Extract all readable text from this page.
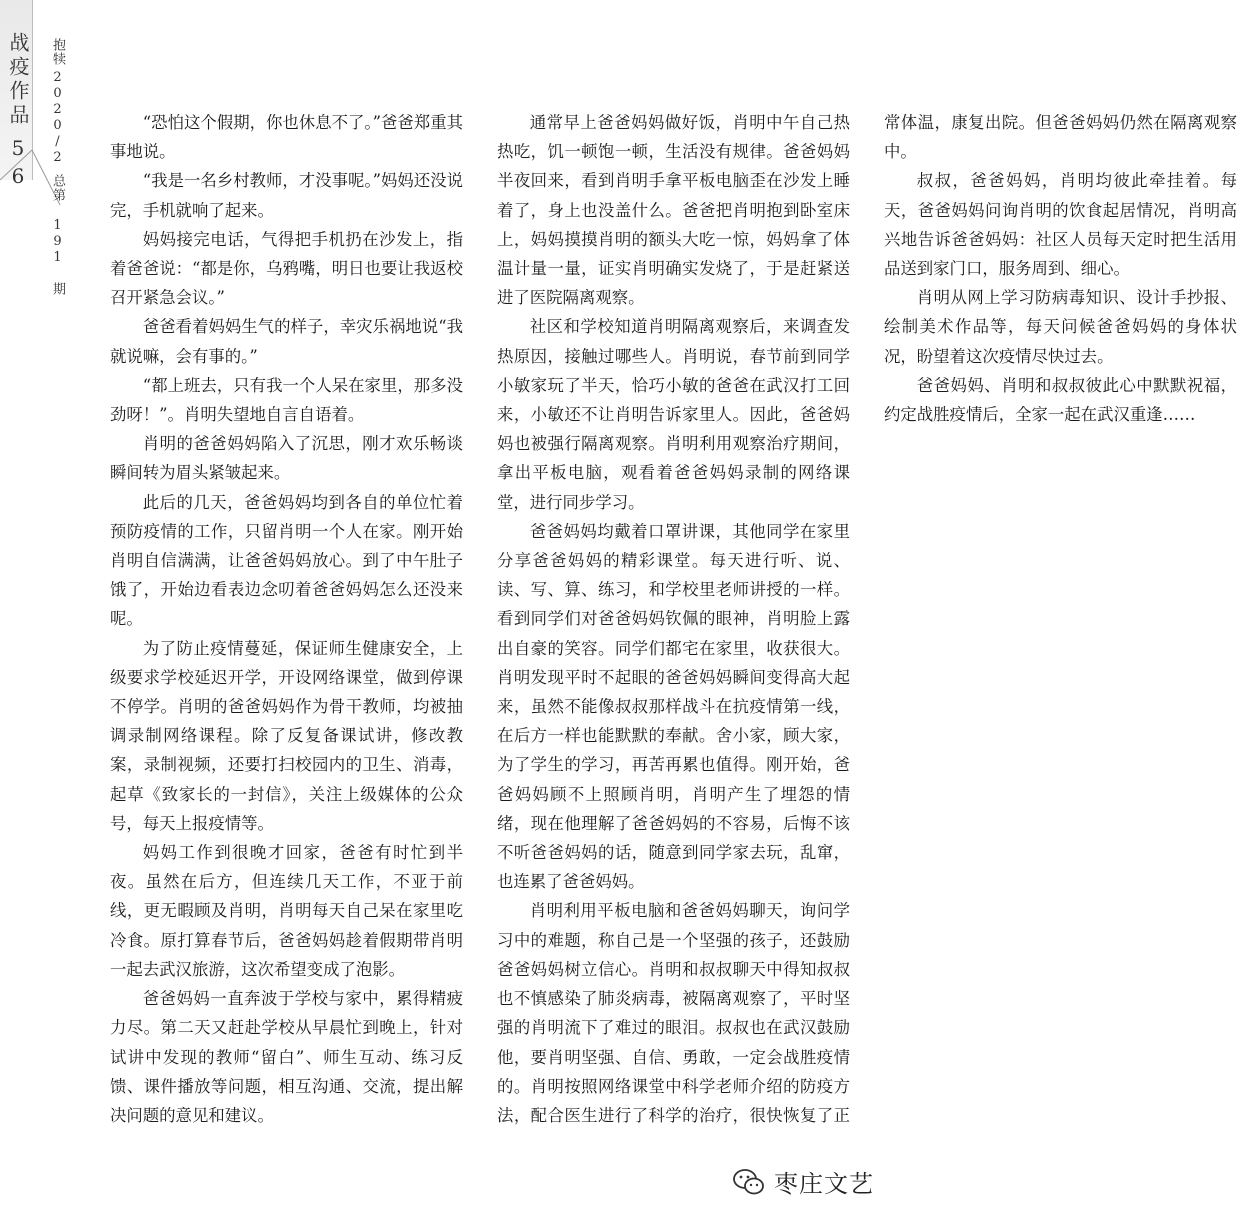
战疫作品56
抱犊2020/2总第 191 期

“恐怕这个假期，你也休息不了。”爸爸郑重其事地说。

“我是一名乡村教师，才没事呢。”妈妈还没说完，手机就响了起来。

妈妈接完电话，气得把手机扔在沙发上，指着爸爸说：“都是你，乌鸦嘴，明日也要让我返校召开紧急会议。”

爸爸看着妈妈生气的样子，幸灾乐祸地说“我就说嘛，会有事的。”

“都上班去，只有我一个人呆在家里，那多没劲呀！”。肖明失望地自言自语着。

肖明的爸爸妈妈陷入了沉思，刚才欢乐畅谈瞬间转为眉头紧皱起来。

此后的几天，爸爸妈妈均到各自的单位忙着预防疫情的工作，只留肖明一个人在家。刚开始肖明自信满满，让爸爸妈妈放心。到了中午肚子饿了，开始边看表边念叨着爸爸妈妈怎么还没来呢。

为了防止疫情蔓延，保证师生健康安全，上级要求学校延迟开学，开设网络课堂，做到停课不停学。肖明的爸爸妈妈作为骨干教师，均被抽调录制网络课程。除了反复备课试讲，修改教案，录制视频，还要打扫校园内的卫生、消毒，起草《致家长的一封信》，关注上级媒体的公众号，每天上报疫情等。

妈妈工作到很晚才回家，爸爸有时忙到半夜。虽然在后方，但连续几天工作，不亚于前线，更无暇顾及肖明，肖明每天自己呆在家里吃冷食。原打算春节后，爸爸妈妈趁着假期带肖明一起去武汉旅游，这次希望变成了泡影。

爸爸妈妈一直奔波于学校与家中，累得精疲力尽。第二天又赶赴学校从早晨忙到晚上，针对试讲中发现的教师“留白”、师生互动、练习反馈、课件播放等问题，相互沟通、交流，提出解决问题的意见和建议。

通常早上爸爸妈妈做好饭，肖明中午自己热热吃，饥一顿饱一顿，生活没有规律。爸爸妈妈半夜回来，看到肖明手拿平板电脑歪在沙发上睡着了，身上也没盖什么。爸爸把肖明抱到卧室床上，妈妈摸摸肖明的额头大吃一惊，妈妈拿了体温计量一量，证实肖明确实发烧了，于是赶紧送进了医院隔离观察。

社区和学校知道肖明隔离观察后，来调查发热原因，接触过哪些人。肖明说，春节前到同学小敏家玩了半天，恰巧小敏的爸爸在武汉打工回来，小敏还不让肖明告诉家里人。因此，爸爸妈妈也被强行隔离观察。肖明利用观察治疗期间，拿出平板电脑，观看着爸爸妈妈录制的网络课堂，进行同步学习。

爸爸妈妈均戴着口罩讲课，其他同学在家里分享爸爸妈妈的精彩课堂。每天进行听、说、读、写、算、练习，和学校里老师讲授的一样。看到同学们对爸爸妈妈钦佩的眼神，肖明脸上露出自豪的笑容。同学们都宅在家里，收获很大。肖明发现平时不起眼的爸爸妈妈瞬间变得高大起来，虽然不能像叔叔那样战斗在抗疫情第一线，在后方一样也能默默的奉献。舍小家，顾大家，为了学生的学习，再苦再累也值得。刚开始，爸爸妈妈顾不上照顾肖明，肖明产生了埋怨的情绪，现在他理解了爸爸妈妈的不容易，后悔不该不听爸爸妈妈的话，随意到同学家去玩，乱窜，也连累了爸爸妈妈。

肖明利用平板电脑和爸爸妈妈聊天，询问学习中的难题，称自己是一个坚强的孩子，还鼓励爸爸妈妈树立信心。肖明和叔叔聊天中得知叔叔也不慎感染了肺炎病毒，被隔离观察了，平时坚强的肖明流下了难过的眼泪。叔叔也在武汉鼓励他，要肖明坚强、自信、勇敢，一定会战胜疫情的。肖明按照网络课堂中科学老师介绍的防疫方法，配合医生进行了科学的治疗，很快恢复了正常体温，康复出院。但爸爸妈妈仍然在隔离观察中。

叔叔，爸爸妈妈，肖明均彼此牵挂着。每天，爸爸妈妈问询肖明的饮食起居情况，肖明高兴地告诉爸爸妈妈：社区人员每天定时把生活用品送到家门口，服务周到、细心。

肖明从网上学习防病毒知识、设计手抄报、绘制美术作品等，每天问候爸爸妈妈的身体状况，盼望着这次疫情尽快过去。

爸爸妈妈、肖明和叔叔彼此心中默默祝福，约定战胜疫情后，全家一起在武汉重逢……

枣庄文艺
